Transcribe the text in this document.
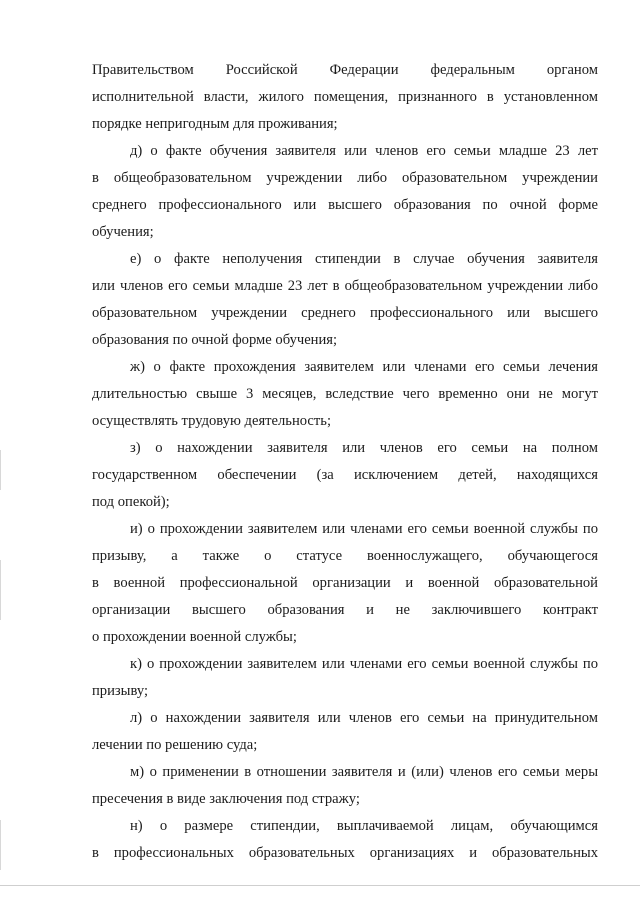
Правительством Российской Федерации федеральным органом
исполнительной власти, жилого помещения, признанного в установленном
порядке непригодным для проживания;
д) о факте обучения заявителя или членов его семьи младше 23 лет
в общеобразовательном учреждении либо образовательном учреждении
среднего профессионального или высшего образования по очной форме
обучения;
е) о факте неполучения стипендии в случае обучения заявителя
или членов его семьи младше 23 лет в общеобразовательном учреждении либо
образовательном учреждении среднего профессионального или высшего
образования по очной форме обучения;
ж) о факте прохождения заявителем или членами его семьи лечения
длительностью свыше 3 месяцев, вследствие чего временно они не могут
осуществлять трудовую деятельность;
з) о нахождении заявителя или членов его семьи на полном
государственном обеспечении (за исключением детей, находящихся
под опекой);
и) о прохождении заявителем или членами его семьи военной службы по
призыву, а также о статусе военнослужащего, обучающегося
в военной профессиональной организации и военной образовательной
организации высшего образования и не заключившего контракт
о прохождении военной службы;
к) о прохождении заявителем или членами его семьи военной службы по
призыву;
л) о нахождении заявителя или членов его семьи на принудительном
лечении по решению суда;
м) о применении в отношении заявителя и (или) членов его семьи меры
пресечения в виде заключения под стражу;
н) о размере стипендии, выплачиваемой лицам, обучающимся
в профессиональных образовательных организациях и образовательных
